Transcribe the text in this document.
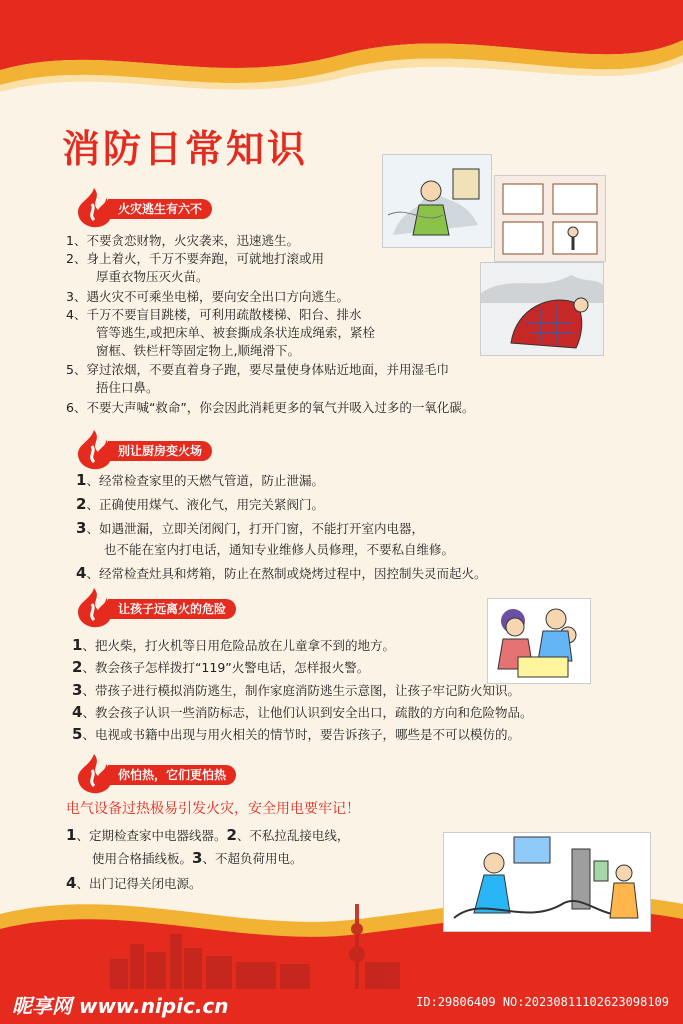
消防日常知识
火灾逃生有六不
1、不要贪恋财物，火灾袭来，迅速逃生。
2、身上着火，千万不要奔跑，可就地打滚或用
厚重衣物压灭火苗。
3、遇火灾不可乘坐电梯，要向安全出口方向逃生。
4、千万不要盲目跳楼，可利用疏散楼梯、阳台、排水
管等逃生,或把床单、被套撕成条状连成绳索，紧栓
窗框、铁栏杆等固定物上,顺绳滑下。
5、穿过浓烟，不要直着身子跑，要尽量使身体贴近地面，并用湿毛巾
捂住口鼻。
6、不要大声喊“救命”，你会因此消耗更多的氧气并吸入过多的一氧化碳。
别让厨房变火场
1、经常检查家里的天燃气管道，防止泄漏。
2、正确使用煤气、液化气，用完关紧阀门。
3、如遇泄漏，立即关闭阀门，打开门窗，不能打开室内电器，
也不能在室内打电话，通知专业维修人员修理，不要私自维修。
4、经常检查灶具和烤箱，防止在熬制或烧烤过程中，因控制失灵而起火。
让孩子远离火的危险
1、把火柴，打火机等日用危险品放在儿童拿不到的地方。
2、教会孩子怎样拨打“119”火警电话，怎样报火警。
3、带孩子进行模拟消防逃生，制作家庭消防逃生示意图，让孩子牢记防火知识。
4、教会孩子认识一些消防标志，让他们认识到安全出口，疏散的方向和危险物品。
5、电视或书籍中出现与用火相关的情节时，要告诉孩子，哪些是不可以模仿的。
你怕热，它们更怕热
电气设备过热极易引发火灾，安全用电要牢记！
1、定期检查家中电器线器。2、不私拉乱接电线，
使用合格插线板。3、不超负荷用电。
4、出门记得关闭电源。
昵享网 www.nipic.cn	ID:29806409 NO:20230811102623098109
